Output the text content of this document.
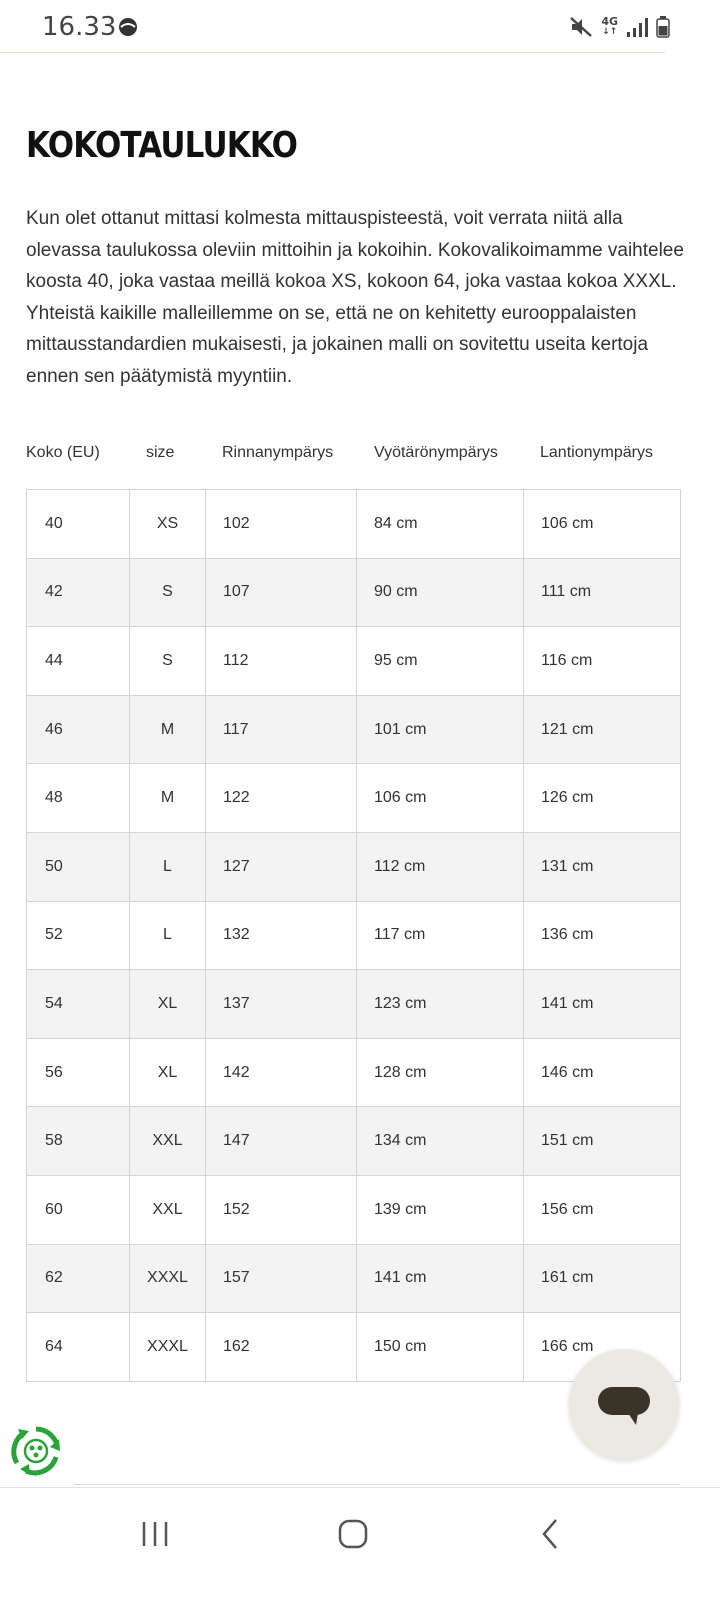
16.33	4G
↓↑
KOKOTAULUKKO

Kun olet ottanut mittasi kolmesta mittauspisteestä, voit verrata niitä alla olevassa taulukossa oleviin mittoihin ja kokoihin. Kokovalikoimamme vaihtelee koosta 40, joka vastaa meillä kokoa XS, kokoon 64, joka vastaa kokoa XXXL. Yhteistä kaikille malleillemme on se, että ne on kehitetty eurooppalaisten mittausstandardien mukaisesti, ja jokainen malli on sovitettu useita kertoja ennen sen päätymistä myyntiin.

Koko (EU)	size	Rinnanympärys	Vyötärönympärys	Lantionympärys
40	XS	102	84 cm	106 cm
42	S	107	90 cm	111 cm
44	S	112	95 cm	116 cm
46	M	117	101 cm	121 cm
48	M	122	106 cm	126 cm
50	L	127	112 cm	131 cm
52	L	132	117 cm	136 cm
54	XL	137	123 cm	141 cm
56	XL	142	128 cm	146 cm
58	XXL	147	134 cm	151 cm
60	XXL	152	139 cm	156 cm
62	XXXL	157	141 cm	161 cm
64	XXXL	162	150 cm	166 cm
